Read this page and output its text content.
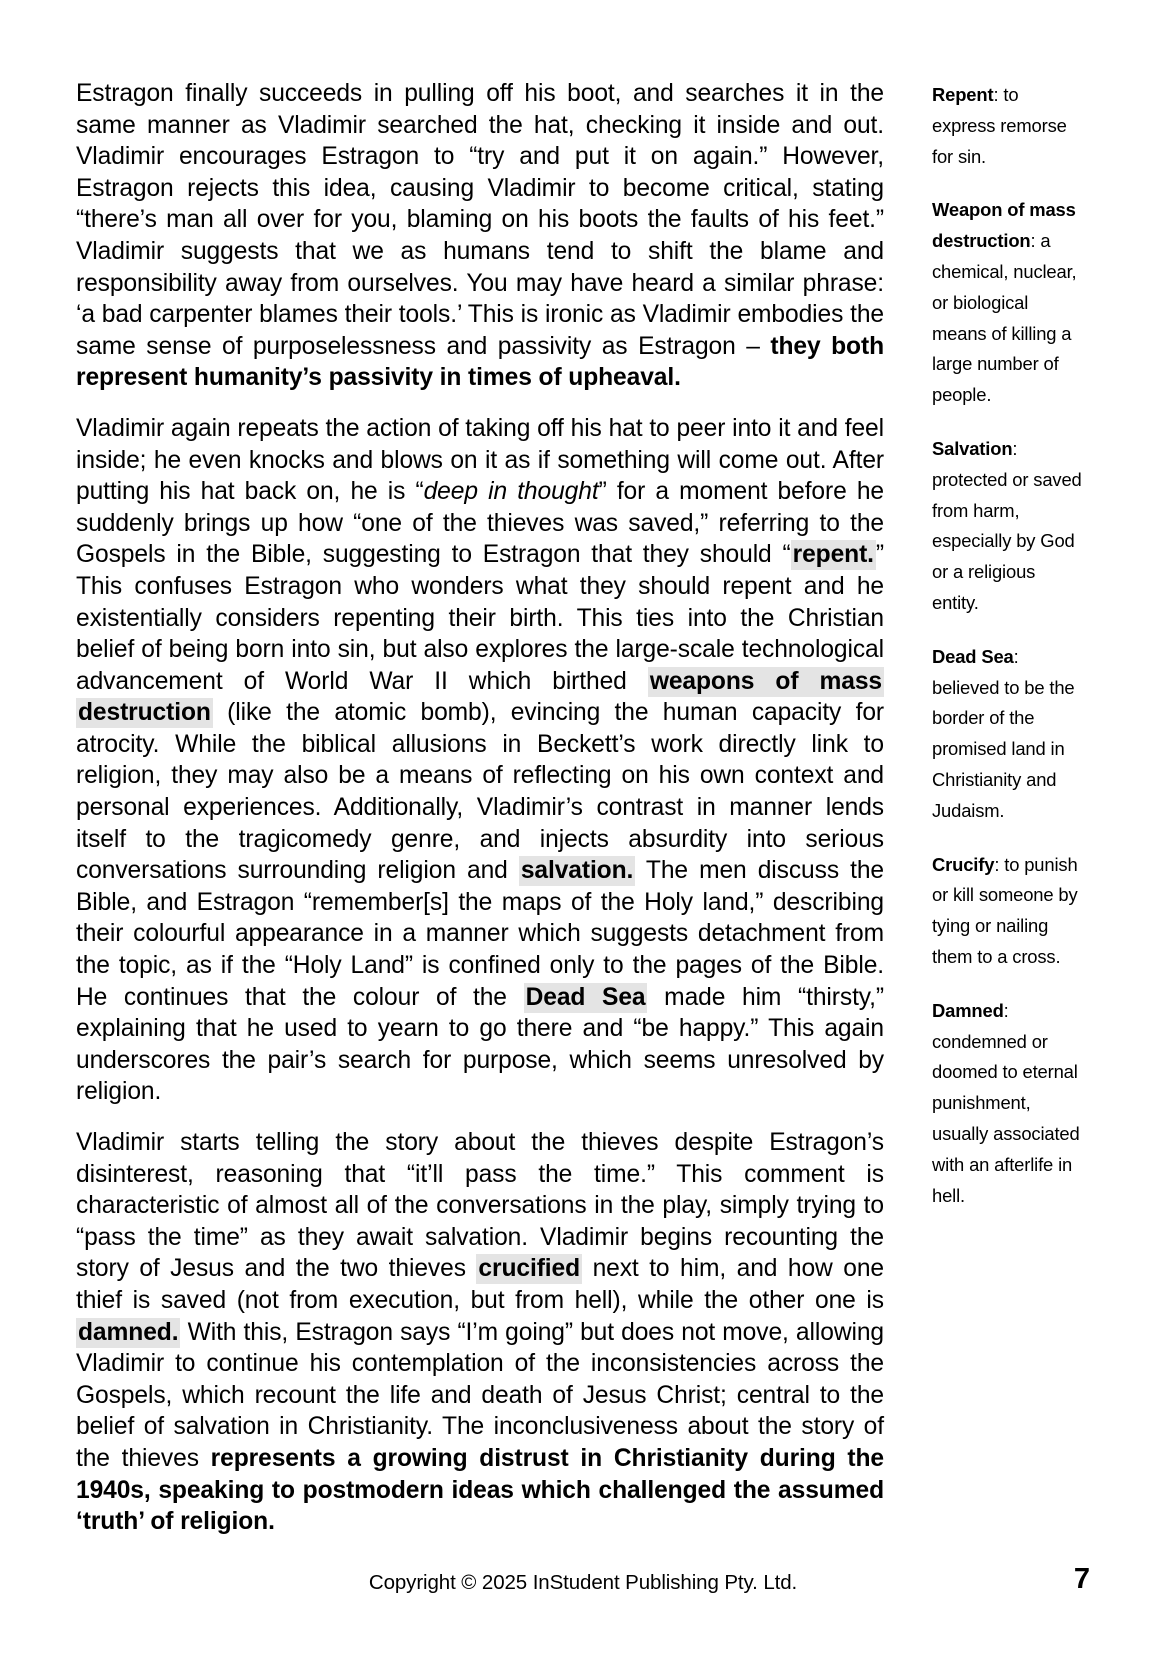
Estragon finally succeeds in pulling off his boot, and searches it in the same manner as Vladimir searched the hat, checking it inside and out. Vladimir encourages Estragon to “try and put it on again.” However, Estragon rejects this idea, causing Vladimir to become critical, stating “there’s man all over for you, blaming on his boots the faults of his feet.” Vladimir suggests that we as humans tend to shift the blame and responsibility away from ourselves. You may have heard a similar phrase: ‘a bad carpenter blames their tools.’ This is ironic as Vladimir embodies the same sense of purposelessness and passivity as Estragon – they both represent humanity’s passivity in times of upheaval.

Vladimir again repeats the action of taking off his hat to peer into it and feel inside; he even knocks and blows on it as if something will come out. After putting his hat back on, he is “deep in thought” for a moment before he suddenly brings up how “one of the thieves was saved,” referring to the Gospels in the Bible, suggesting to Estragon that they should “repent.” This confuses Estragon who wonders what they should repent and he existentially considers repenting their birth. This ties into the Christian belief of being born into sin, but also explores the large-scale technological advancement of World War II which birthed weapons of mass destruction (like the atomic bomb), evincing the human capacity for atrocity. While the biblical allusions in Beckett’s work directly link to religion, they may also be a means of reflecting on his own context and personal experiences. Additionally, Vladimir’s contrast in manner lends itself to the tragicomedy genre, and injects absurdity into serious conversations surrounding religion and salvation. The men discuss the Bible, and Estragon “remember[s] the maps of the Holy land,” describing their colourful appearance in a manner which suggests detachment from the topic, as if the “Holy Land” is confined only to the pages of the Bible. He continues that the colour of the Dead Sea made him “thirsty,” explaining that he used to yearn to go there and “be happy.” This again underscores the pair’s search for purpose, which seems unresolved by religion.

Vladimir starts telling the story about the thieves despite Estragon’s disinterest, reasoning that “it’ll pass the time.” This comment is characteristic of almost all of the conversations in the play, simply trying to “pass the time” as they await salvation. Vladimir begins recounting the story of Jesus and the two thieves crucified next to him, and how one thief is saved (not from execution, but from hell), while the other one is damned. With this, Estragon says “I’m going” but does not move, allowing Vladimir to continue his contemplation of the inconsistencies across the Gospels, which recount the life and death of Jesus Christ; central to the belief of salvation in Christianity. The inconclusiveness about the story of the thieves represents a growing distrust in Christianity during the 1940s, speaking to postmodern ideas which challenged the assumed ‘truth’ of religion.

Repent: to express remorse for sin.
Weapon of mass destruction: a chemical, nuclear, or biological means of killing a large number of people.
Salvation: protected or saved from harm, especially by God or a religious entity.
Dead Sea: believed to be the border of the promised land in Christianity and Judaism.
Crucify: to punish or kill someone by tying or nailing them to a cross.
Damned: condemned or doomed to eternal punishment, usually associated with an afterlife in hell.
Copyright © 2025 InStudent Publishing Pty. Ltd.	7
